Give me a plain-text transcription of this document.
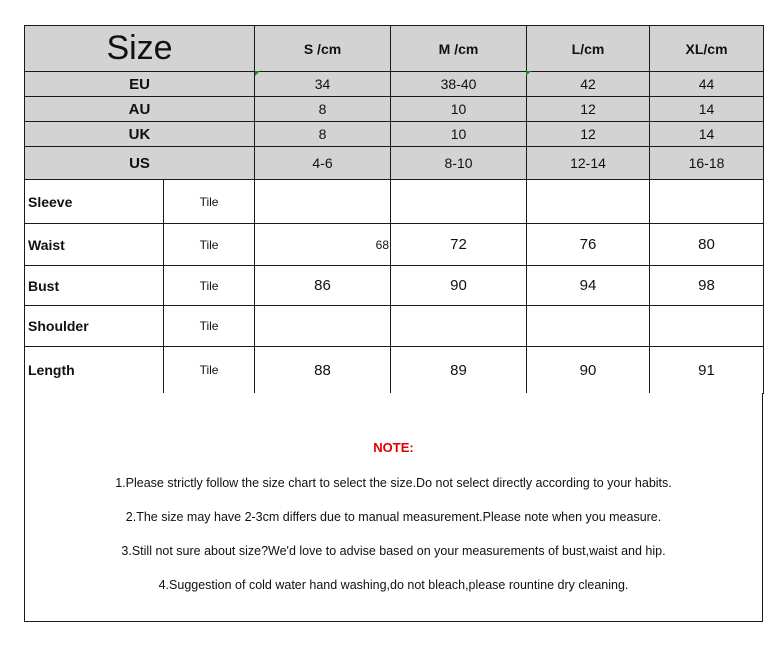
Size		S /cm	M /cm	L/cm	XL/cm
EU		34	38-40	42	44
AU		8	10	12	14
UK		8	10	12	14
US		4-6	8-10	12-14	16-18
Sleeve	Tile				
Waist	Tile	68	72	76	80
Bust	Tile	86	90	94	98
Shoulder	Tile				
Length	Tile	88	89	90	91
NOTE:
1.Please strictly follow the size chart to select the size.Do not select directly according to your habits.
2.The size may have 2-3cm differs due to manual measurement.Please note when you measure.
3.Still not sure about size?We'd love to advise based on your measurements of bust,waist and hip.
4.Suggestion of cold water hand washing,do not bleach,please rountine dry cleaning.
